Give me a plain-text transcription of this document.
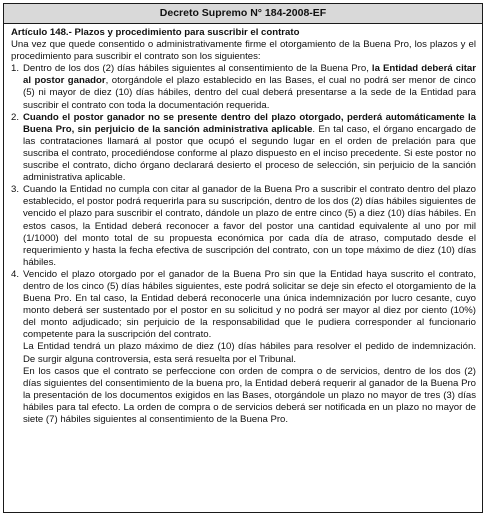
Decreto Supremo N° 184-2008-EF

Artículo 148.- Plazos y procedimiento para suscribir el contrato

Una vez que quede consentido o administrativamente firme el otorgamiento de la Buena Pro, los plazos y el procedimiento para suscribir el contrato son los siguientes:

1. Dentro de los dos (2) días hábiles siguientes al consentimiento de la Buena Pro, la Entidad deberá citar al postor ganador, otorgándole el plazo establecido en las Bases, el cual no podrá ser menor de cinco (5) ni mayor de diez (10) días hábiles, dentro del cual deberá presentarse a la sede de la Entidad para suscribir el contrato con toda la documentación requerida.
2. Cuando el postor ganador no se presente dentro del plazo otorgado, perderá automáticamente la Buena Pro, sin perjuicio de la sanción administrativa aplicable. En tal caso, el órgano encargado de las contrataciones llamará al postor que ocupó el segundo lugar en el orden de prelación para que suscriba el contrato, procediéndose conforme al plazo dispuesto en el inciso precedente. Si este postor no suscribe el contrato, dicho órgano declarará desierto el proceso de selección, sin perjuicio de la sanción administrativa aplicable.
3. Cuando la Entidad no cumpla con citar al ganador de la Buena Pro a suscribir el contrato dentro del plazo establecido, el postor podrá requerirla para su suscripción, dentro de los dos (2) días hábiles siguientes de vencido el plazo para suscribir el contrato, dándole un plazo de entre cinco (5) a diez (10) días hábiles. En estos casos, la Entidad deberá reconocer a favor del postor una cantidad equivalente al uno por mil (1/1000) del monto total de su propuesta económica por cada día de atraso, computado desde el requerimiento y hasta la fecha efectiva de suscripción del contrato, con un tope máximo de diez (10) días hábiles.
4. Vencido el plazo otorgado por el ganador de la Buena Pro sin que la Entidad haya suscrito el contrato, dentro de los cinco (5) días hábiles siguientes, este podrá solicitar se deje sin efecto el otorgamiento de la Buena Pro. En tal caso, la Entidad deberá reconocerle una única indemnización por lucro cesante, cuyo monto deberá ser sustentado por el postor en su solicitud y no podrá ser mayor al diez por ciento (10%) del monto adjudicado; sin perjuicio de la responsabilidad que le pudiera corresponder al funcionario competente para la suscripción del contrato.

La Entidad tendrá un plazo máximo de diez (10) días hábiles para resolver el pedido de indemnización. De surgir alguna controversia, esta será resuelta por el Tribunal.

En los casos que el contrato se perfeccione con orden de compra o de servicios, dentro de los dos (2) días siguientes del consentimiento de la buena pro, la Entidad deberá requerir al ganador de la Buena Pro la presentación de los documentos exigidos en las Bases, otorgándole un plazo no mayor de tres (3) días hábiles para tal efecto. La orden de compra o de servicios deberá ser notificada en un plazo no mayor de siete (7) hábiles siguientes al consentimiento de la Buena Pro.
